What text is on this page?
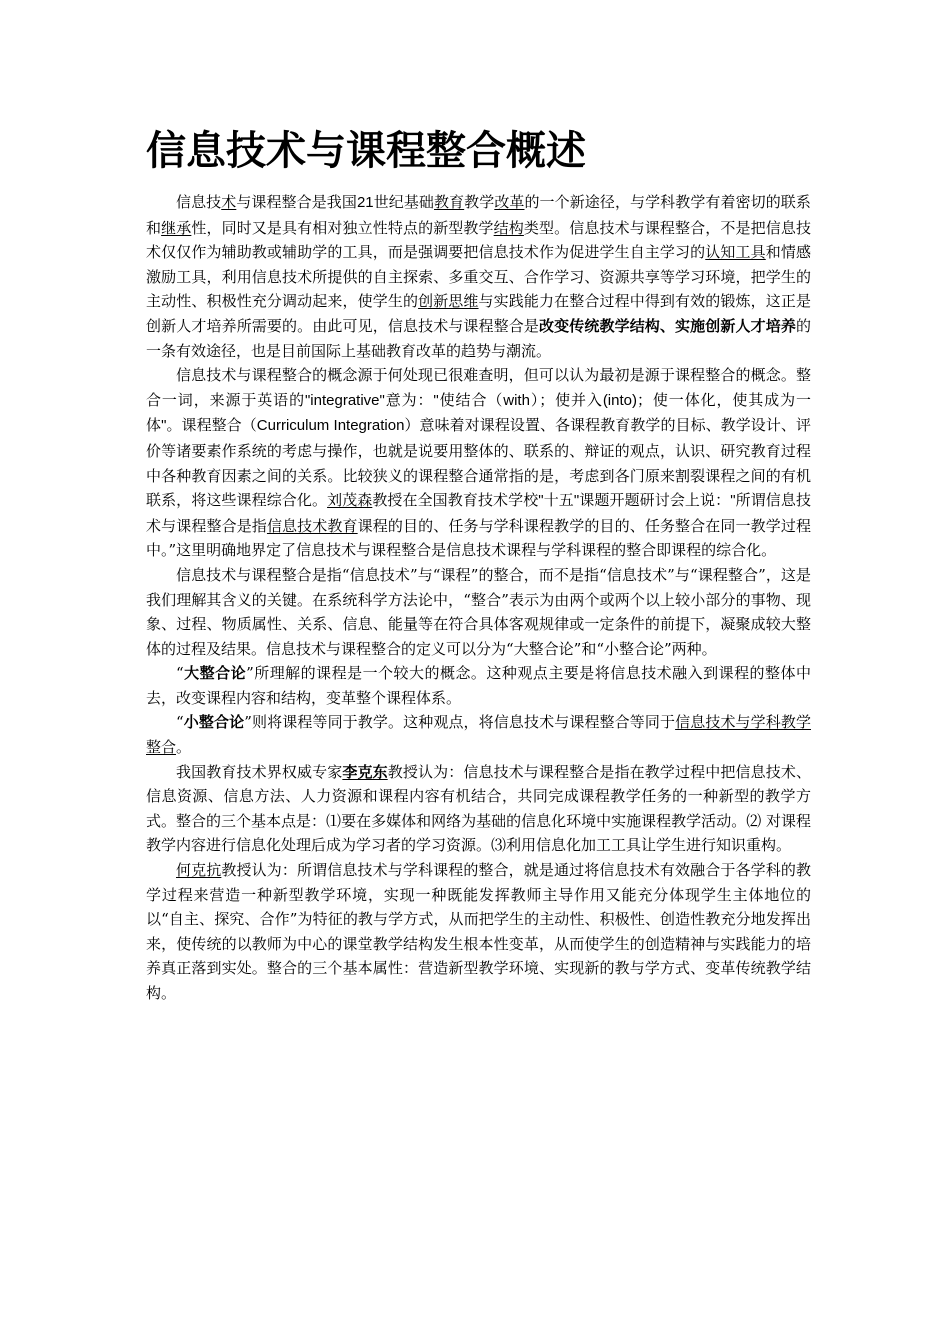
信息技术与课程整合概述

信息技术与课程整合是我国21世纪基础教育教学改革的一个新途径，与学科教学有着密切的联系和继承性，同时又是具有相对独立性特点的新型教学结构类型。信息技术与课程整合，不是把信息技术仅仅作为辅助教或辅助学的工具，而是强调要把信息技术作为促进学生自主学习的认知工具和情感激励工具，利用信息技术所提供的自主探索、多重交互、合作学习、资源共享等学习环境，把学生的主动性、积极性充分调动起来，使学生的创新思维与实践能力在整合过程中得到有效的锻炼，这正是创新人才培养所需要的。由此可见，信息技术与课程整合是改变传统教学结构、实施创新人才培养的一条有效途径，也是目前国际上基础教育改革的趋势与潮流。

信息技术与课程整合的概念源于何处现已很难查明，但可以认为最初是源于课程整合的概念。整合一词，来源于英语的"integrative"意为："使结合（with）；使并入(into)；使一体化，使其成为一体"。课程整合（Curriculum Integration）意味着对课程设置、各课程教育教学的目标、教学设计、评价等诸要素作系统的考虑与操作，也就是说要用整体的、联系的、辩证的观点，认识、研究教育过程中各种教育因素之间的关系。比较狭义的课程整合通常指的是，考虑到各门原来割裂课程之间的有机联系，将这些课程综合化。刘茂森教授在全国教育技术学校"十五"课题开题研讨会上说："所谓信息技术与课程整合是指信息技术教育课程的目的、任务与学科课程教学的目的、任务整合在同一教学过程中。”这里明确地界定了信息技术与课程整合是信息技术课程与学科课程的整合即课程的综合化。

信息技术与课程整合是指“信息技术”与“课程”的整合，而不是指“信息技术”与“课程整合”，这是我们理解其含义的关键。在系统科学方法论中，“整合”表示为由两个或两个以上较小部分的事物、现象、过程、物质属性、关系、信息、能量等在符合具体客观规律或一定条件的前提下，凝聚成较大整体的过程及结果。信息技术与课程整合的定义可以分为“大整合论”和“小整合论”两种。

“大整合论”所理解的课程是一个较大的概念。这种观点主要是将信息技术融入到课程的整体中去，改变课程内容和结构，变革整个课程体系。

“小整合论”则将课程等同于教学。这种观点，将信息技术与课程整合等同于信息技术与学科教学整合。

我国教育技术界权威专家李克东教授认为：信息技术与课程整合是指在教学过程中把信息技术、信息资源、信息方法、人力资源和课程内容有机结合，共同完成课程教学任务的一种新型的教学方式。整合的三个基本点是：⑴要在多媒体和网络为基础的信息化环境中实施课程教学活动。⑵ 对课程教学内容进行信息化处理后成为学习者的学习资源。⑶利用信息化加工工具让学生进行知识重构。

何克抗教授认为：所谓信息技术与学科课程的整合，就是通过将信息技术有效融合于各学科的教学过程来营造一种新型教学环境，实现一种既能发挥教师主导作用又能充分体现学生主体地位的以“自主、探究、合作”为特征的教与学方式，从而把学生的主动性、积极性、创造性教充分地发挥出来，使传统的以教师为中心的课堂教学结构发生根本性变革，从而使学生的创造精神与实践能力的培养真正落到实处。整合的三个基本属性：营造新型教学环境、实现新的教与学方式、变革传统教学结构。
